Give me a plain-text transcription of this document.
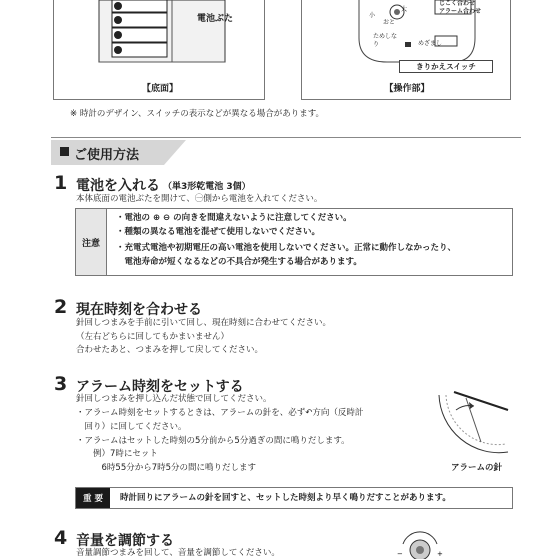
電池ぶた
【底面】
じこく合わせ
アラーム合わせ
小
大
おと
ためしなり	めざまし
きりかえスイッチ
【操作部】
※ 時計のデザイン、スイッチの表示などが異なる場合があります。
ご使用方法
1 電池を入れる （単3形乾電池 3個）
本体底面の電池ぶたを開けて、㊀側から電池を入れてください。
注意
・電池の ⊕ ⊖ の向きを間違えないように注意してください。
・種類の異なる電池を混ぜて使用しないでください。
・充電式電池や初期電圧の高い電池を使用しないでください。正常に動作しなかったり、
　電池寿命が短くなるなどの不具合が発生する場合があります。
2 現在時刻を合わせる
針回しつまみを手前に引いて回し、現在時刻に合わせてください。
（左右どちらに回してもかまいません）
合わせたあと、つまみを押して戻してください。
3 アラーム時刻をセットする
針回しつまみを押し込んだ状態で回してください。
・アラーム時刻をセットするときは、アラームの針を、必ず↶方向（反時計
　回り）に回してください。
・アラームはセットした時刻の5分前から5分過ぎの間に鳴りだします。
　　例）7時にセット
　　　6時55分から7時5分の間に鳴りだします	アラームの針
重 要	時計回りにアラームの針を回すと、セットした時刻より早く鳴りだすことがあります。
4 音量を調節する
音量調節つまみを回して、音量を調節してください。	−	+
